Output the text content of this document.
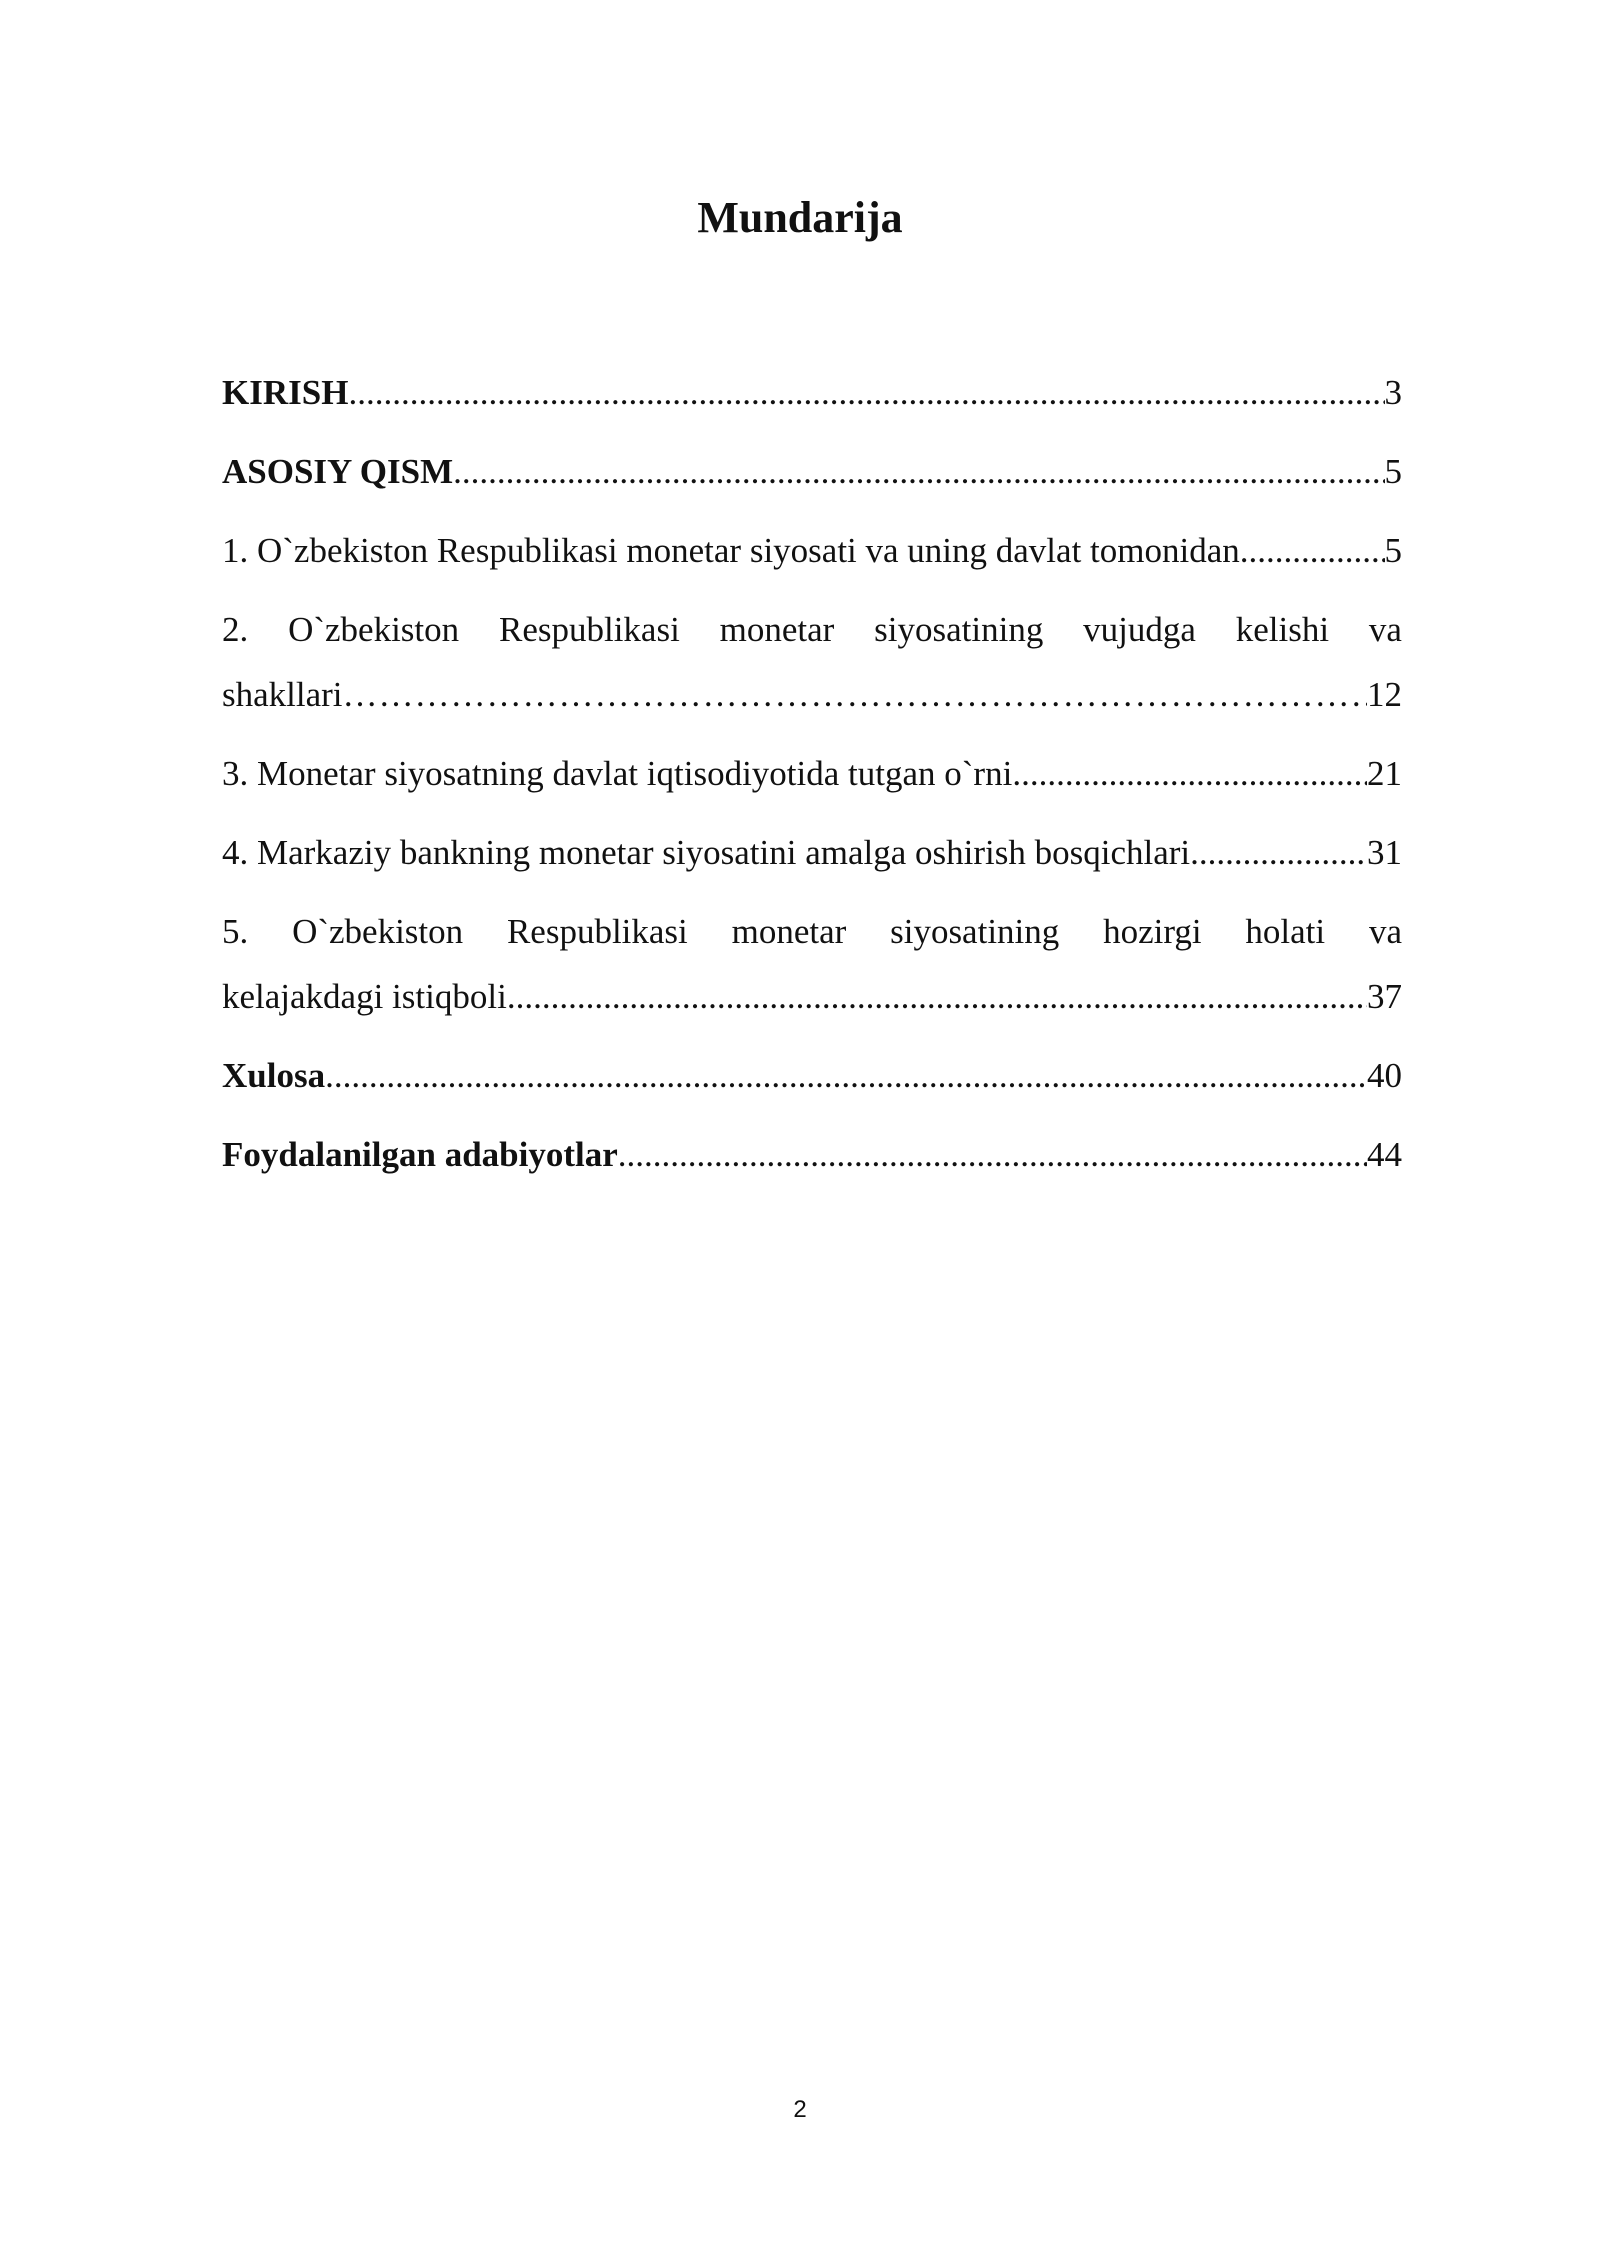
Mundarija
KIRISH .....	3
ASOSIY QISM .....	5
1. O`zbekiston Respublikasi monetar siyosati va uning davlat tomonidan .....	5
2. O`zbekiston Respublikasi monetar siyosatining vujudga kelishi va
shakllari ………………………………………………………………………………………………………………………………………………………………………………………………………………………………………………………	12
3. Monetar siyosatning davlat iqtisodiyotida tutgan o`rni .....	21
4. Markaziy bankning monetar siyosatini amalga oshirish bosqichlari .....	31
5. O`zbekiston Respublikasi monetar siyosatining hozirgi holati va
kelajakdagi istiqboli .....	37
Xulosa .....	40
Foydalanilgan adabiyotlar .....	44
2
